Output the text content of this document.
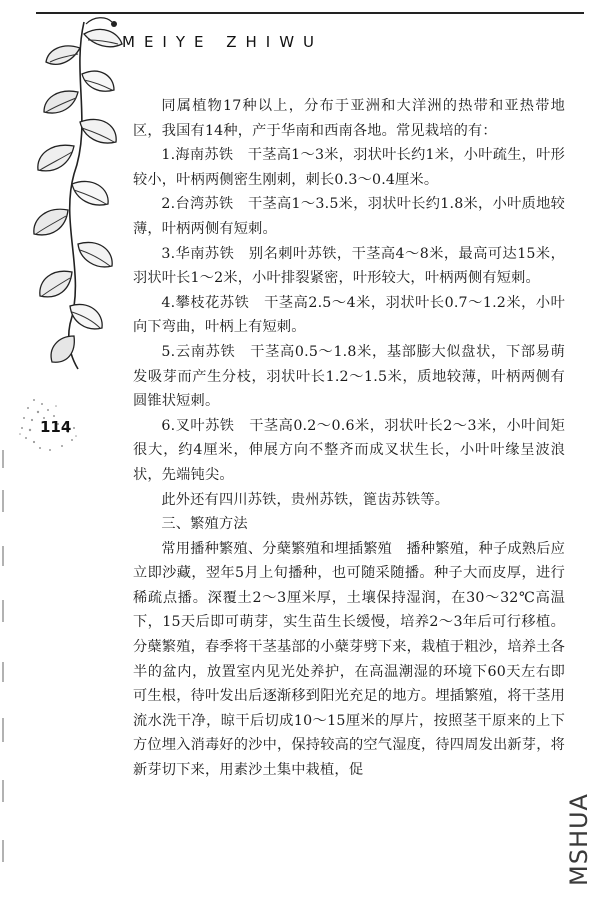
MEIYE ZHIWU
114

同属植物17种以上，分布于亚洲和大洋洲的热带和亚热带地区，我国有14种，产于华南和西南各地。常见栽培的有：

1.海南苏铁　干茎高1～3米，羽状叶长约1米，小叶疏生，叶形较小，叶柄两侧密生刚刺，刺长0.3～0.4厘米。

2.台湾苏铁　干茎高1～3.5米，羽状叶长约1.8米，小叶质地较薄，叶柄两侧有短刺。

3.华南苏铁　别名刺叶苏铁，干茎高4～8米，最高可达15米，羽状叶长1～2米，小叶排裂紧密，叶形较大，叶柄两侧有短刺。

4.攀枝花苏铁　干茎高2.5～4米，羽状叶长0.7～1.2米，小叶向下弯曲，叶柄上有短刺。

5.云南苏铁　干茎高0.5～1.8米，基部膨大似盘状，下部易萌发吸芽而产生分枝，羽状叶长1.2～1.5米，质地较薄，叶柄两侧有圆锥状短刺。

6.叉叶苏铁　干茎高0.2～0.6米，羽状叶长2～3米，小叶间矩很大，约4厘米，伸展方向不整齐而成叉状生长，小叶叶缘呈波浪状，先端钝尖。

此外还有四川苏铁，贵州苏铁，篦齿苏铁等。

三、繁殖方法

常用播种繁殖、分蘖繁殖和埋插繁殖　播种繁殖，种子成熟后应立即沙藏，翌年5月上旬播种，也可随采随播。种子大而皮厚，进行稀疏点播。深覆土2～3厘米厚，土壤保持湿润，在30～32℃高温下，15天后即可萌芽，实生苗生长缓慢，培养2～3年后可行移植。分蘖繁殖，春季将干茎基部的小蘖芽劈下来，栽植于粗沙，培养土各半的盆内，放置室内见光处养护，在高温潮湿的环境下60天左右即可生根，待叶发出后逐渐移到阳光充足的地方。埋插繁殖，将干茎用流水洗干净，晾干后切成10～15厘米的厚片，按照茎干原来的上下方位埋入消毒好的沙中，保持较高的空气湿度，待四周发出新芽，将新芽切下来，用素沙土集中栽植，促

MSHUA
